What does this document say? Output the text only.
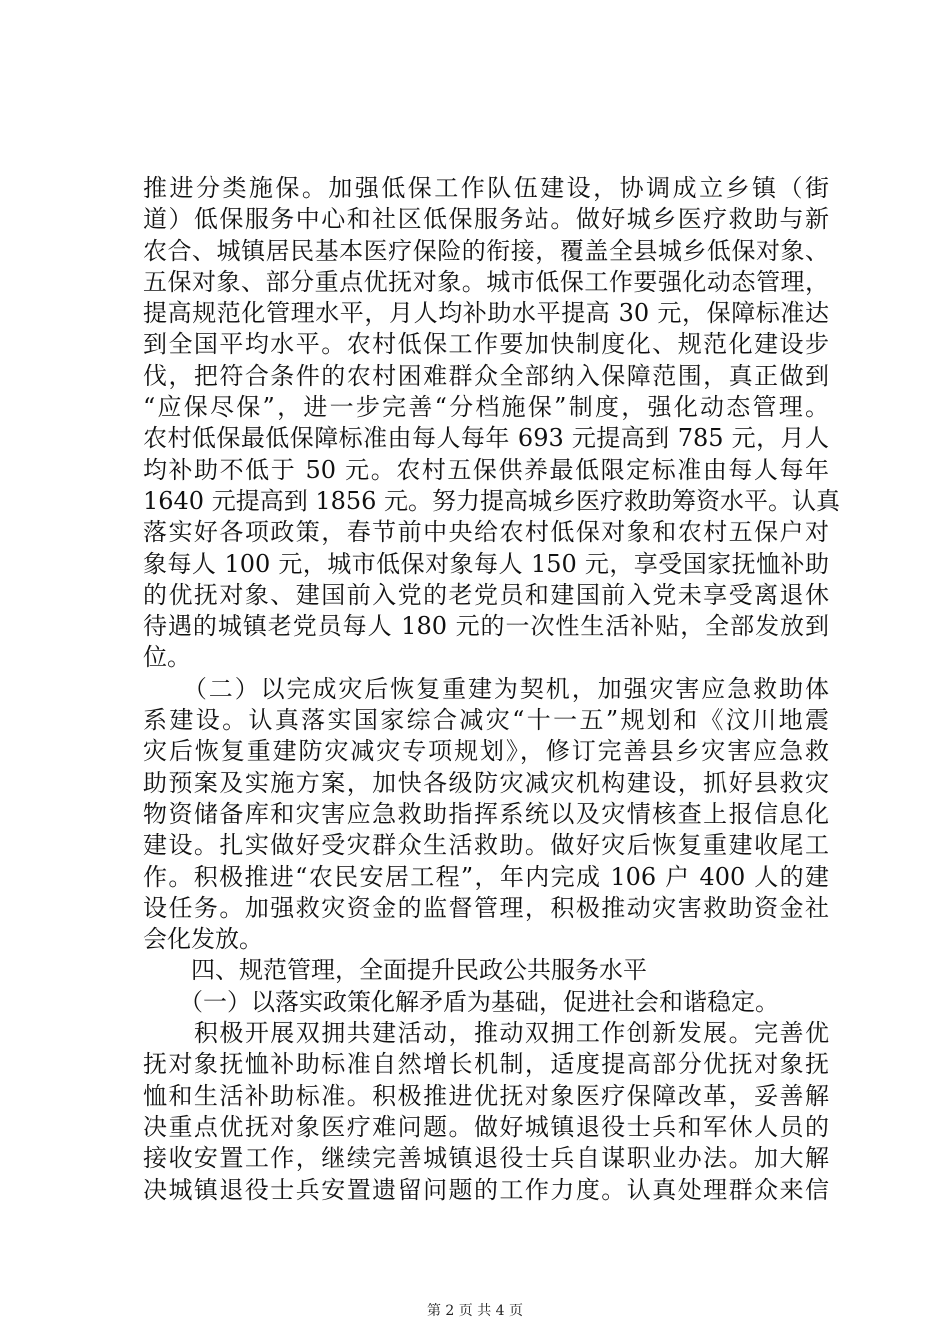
推进分类施保。加强低保工作队伍建设，协调成立乡镇（街
道）低保服务中心和社区低保服务站。做好城乡医疗救助与新
农合、城镇居民基本医疗保险的衔接，覆盖全县城乡低保对象、
五保对象、部分重点优抚对象。城市低保工作要强化动态管理，
提高规范化管理水平，月人均补助水平提高 30 元，保障标准达
到全国平均水平。农村低保工作要加快制度化、规范化建设步
伐，把符合条件的农村困难群众全部纳入保障范围，真正做到
“应保尽保”，进一步完善“分档施保”制度，强化动态管理。
农村低保最低保障标准由每人每年 693 元提高到 785 元，月人
均补助不低于 50 元。农村五保供养最低限定标准由每人每年
1640 元提高到 1856 元。努力提高城乡医疗救助筹资水平。认真
落实好各项政策，春节前中央给农村低保对象和农村五保户对
象每人 100 元，城市低保对象每人 150 元，享受国家抚恤补助
的优抚对象、建国前入党的老党员和建国前入党未享受离退休
待遇的城镇老党员每人 180 元的一次性生活补贴，全部发放到
位。
　　（二）以完成灾后恢复重建为契机，加强灾害应急救助体
系建设。认真落实国家综合减灾“十一五”规划和《汶川地震
灾后恢复重建防灾减灾专项规划》，修订完善县乡灾害应急救
助预案及实施方案，加快各级防灾减灾机构建设，抓好县救灾
物资储备库和灾害应急救助指挥系统以及灾情核查上报信息化
建设。扎实做好受灾群众生活救助。做好灾后恢复重建收尾工
作。积极推进“农民安居工程”，年内完成 106 户 400 人的建
设任务。加强救灾资金的监督管理，积极推动灾害救助资金社
会化发放。
　　四、规范管理，全面提升民政公共服务水平
　　（一）以落实政策化解矛盾为基础，促进社会和谐稳定。
　　积极开展双拥共建活动，推动双拥工作创新发展。完善优
抚对象抚恤补助标准自然增长机制，适度提高部分优抚对象抚
恤和生活补助标准。积极推进优抚对象医疗保障改革，妥善解
决重点优抚对象医疗难问题。做好城镇退役士兵和军休人员的
接收安置工作，继续完善城镇退役士兵自谋职业办法。加大解
决城镇退役士兵安置遗留问题的工作力度。认真处理群众来信
第 2 页 共 4 页
